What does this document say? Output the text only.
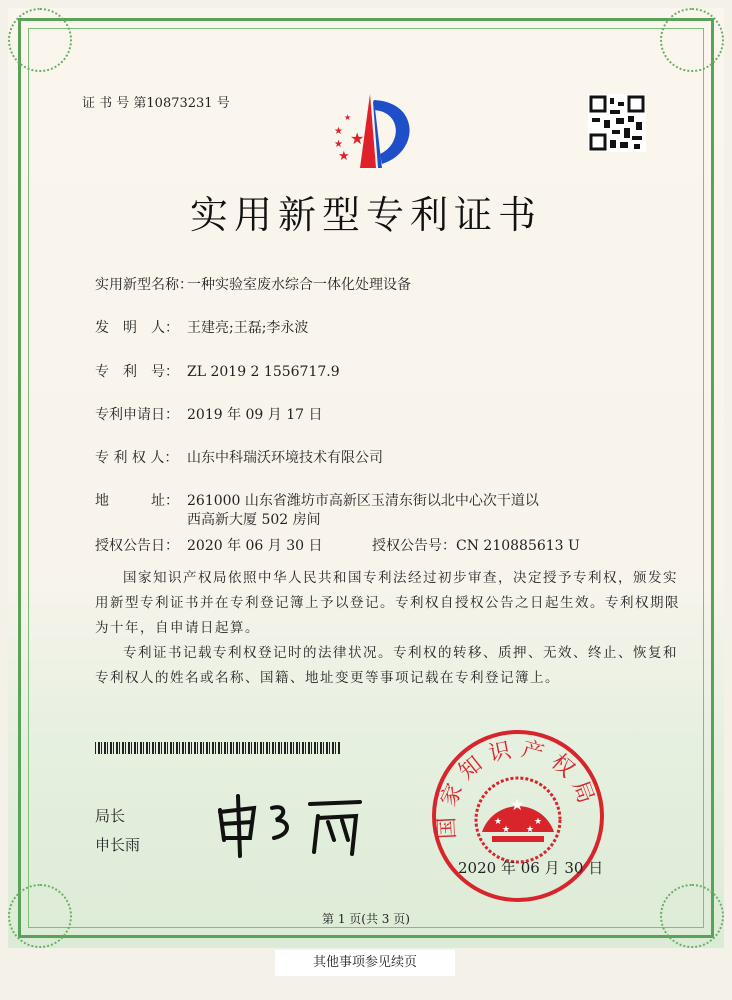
证 书 号 第10873231 号
★
★
★
★
★
实用新型专利证书
实用新型名称：一种实验室废水综合一体化处理设备
发　明　人： 王建亮;王磊;李永波
专　利　号： ZL 2019 2 1556717.9
专利申请日： 2019 年 09 月 17 日
专 利 权 人： 山东中科瑞沃环境技术有限公司
地　　　址： 261000 山东省潍坊市高新区玉清东街以北中心次干道以
西高新大厦 502 房间
授权公告日： 2020 年 06 月 30 日	授权公告号：CN 210885613 U
国家知识产权局依照中华人民共和国专利法经过初步审查，决定授予专利权，颁发实用新型专利证书并在专利登记簿上予以登记。专利权自授权公告之日起生效。专利权期限为十年，自申请日起算。
专利证书记载专利权登记时的法律状况。专利权的转移、质押、无效、终止、恢复和专利权人的姓名或名称、国籍、地址变更等事项记载在专利登记簿上。
局长
申长雨
国家知识产权局
★
★	★
★ ★
2020 年 06 月 30 日
第 1 页(共 3 页)
其他事项参见续页
